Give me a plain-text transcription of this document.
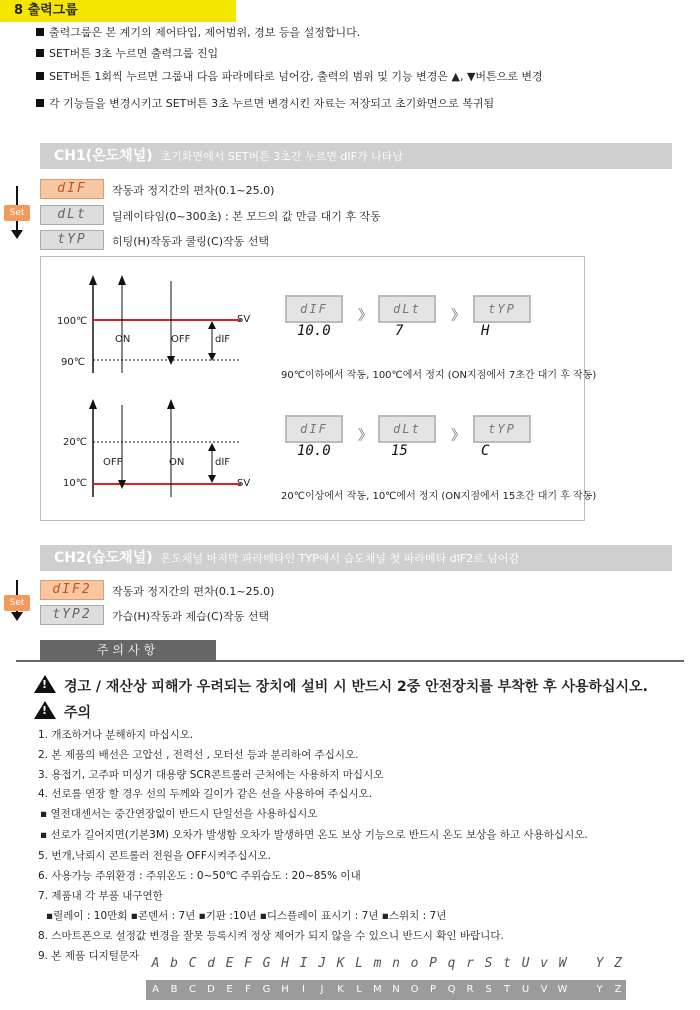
8 출력그룹
출력그룹은 본 계기의 제어타입, 제어범위, 경보 등을 설정합니다.
SET버튼 3초 누르면 출력그룹 진입
SET버튼 1회씩 누르면 그룹내 다음 파라메타로 넘어감, 출력의 범위 및 기능 변경은 ▲, ▼버튼으로 변경
각 기능들을 변경시키고 SET버튼 3초 누르면 변경시킨 자료는 저장되고 초기화면으로 복귀됨
CH1(온도채널) 초기화면에서 SET버튼 3초간 누르면 dIF가 나타남
Set
dIF	작동과 정지간의 편차(0.1~25.0)
dLt	딜레이타임(0~300초) : 본 모드의 값 만큼 대기 후 작동
tYP	히팅(H)작동과 쿨링(C)작동 선택
100℃
90℃
SV
ON	OFF dIF
dIF	》	dLt	》	tYP
10.0	7	H
90℃이하에서 작동, 100℃에서 정지 (ON지점에서 7초간 대기 후 작동)
20℃
10℃	SV
OFF	ON	dIF
dIF	》	dLt	》	tYP
10.0	15	C
20℃이상에서 작동, 10℃에서 정지 (ON지점에서 15초간 대기 후 작동)
CH2(습도채널) 온도채널 마지막 파라메타인 TYP에서 습도채널 첫 파라메타 dIF2로 넘어감
Set
dIF2	작동과 정지간의 편차(0.1~25.0)
tYP2	가습(H)작동과 제습(C)작동 선택
주의사항
!경고 / 재산상 피해가 우려되는 장치에 설비 시 반드시 2중 안전장치를 부착한 후 사용하십시오.
!주의
1. 개조하거나 분해하지 마십시오.
2. 본 제품의 배선은 고압선 , 전력선 , 모터선 등과 분리하여 주십시오.
3. 용접기, 고주파 미싱기 대용량 SCR콘트롤러 근처에는 사용하지 마십시오
4. 선로를 연장 할 경우 선의 두께와 길이가 같은 선을 사용하여 주십시오.
▪ 열전대센서는 중간연장없이 반드시 단일선을 사용하십시오
▪ 선로가 길어지면(기본3M) 오차가 발생함 오차가 발생하면 온도 보상 기능으로 반드시 온도 보상을 하고 사용하십시오.
5. 번개,낙뢰시 콘트롤러 전원을 OFF시켜주십시오.
6. 사용가능 주위환경 : 주위온도 : 0~50℃ 주위습도 : 20~85% 이내
7. 제품내 각 부품 내구연한
▪릴레이 : 10만회 ▪콘덴서 : 7년 ▪기판 :10년 ▪디스플레이 표시기 : 7년 ▪스위치 : 7년
8. 스마트폰으로 설정값 변경을 잘못 등록시켜 정상 제어가 되지 않을 수 있으니 반드시 확인 바랍니다.
9. 본 제품 디지털문자 A b C d E F G H I J K L m n o P q r S t U v W	Y Z
A	B	C	D	E	F	G	H	I	J	K	L	M	N	O	P	Q	R	S	T	U	V	W	Y	Z
